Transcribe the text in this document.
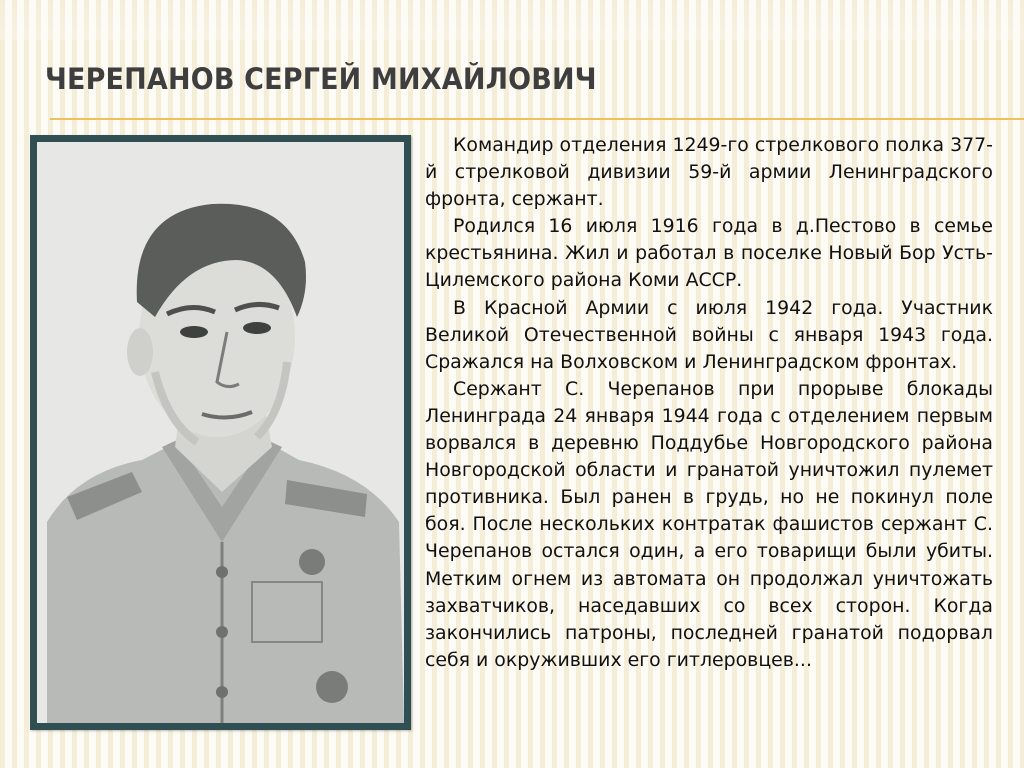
ЧЕРЕПАНОВ СЕРГЕЙ МИХАЙЛОВИЧ

Командир отделения 1249-го стрелкового полка 377-й стрелковой дивизии 59-й армии Ленинградского фронта, сержант.

Родился 16 июля 1916 года в д.Пестово в семье крестьянина. Жил и работал в поселке Новый Бор Усть-Цилемского района Коми АССР.

В Красной Армии с июля 1942 года. Участник Великой Отечественной войны с января 1943 года. Сражался на Волховском и Ленинградском фронтах.

Сержант С. Черепанов при прорыве блокады Ленинграда 24 января 1944 года с отделением первым ворвался в деревню Поддубье Новгородского района Новгородской области и гранатой уничтожил пулемет противника. Был ранен в грудь, но не покинул поле боя. После нескольких контратак фашистов сержант С. Черепанов остался один, а его товарищи были убиты. Метким огнем из автомата он продолжал уничтожать захватчиков, наседавших со всех сторон. Когда закончились патроны, последней гранатой подорвал себя и окруживших его гитлеровцев...
